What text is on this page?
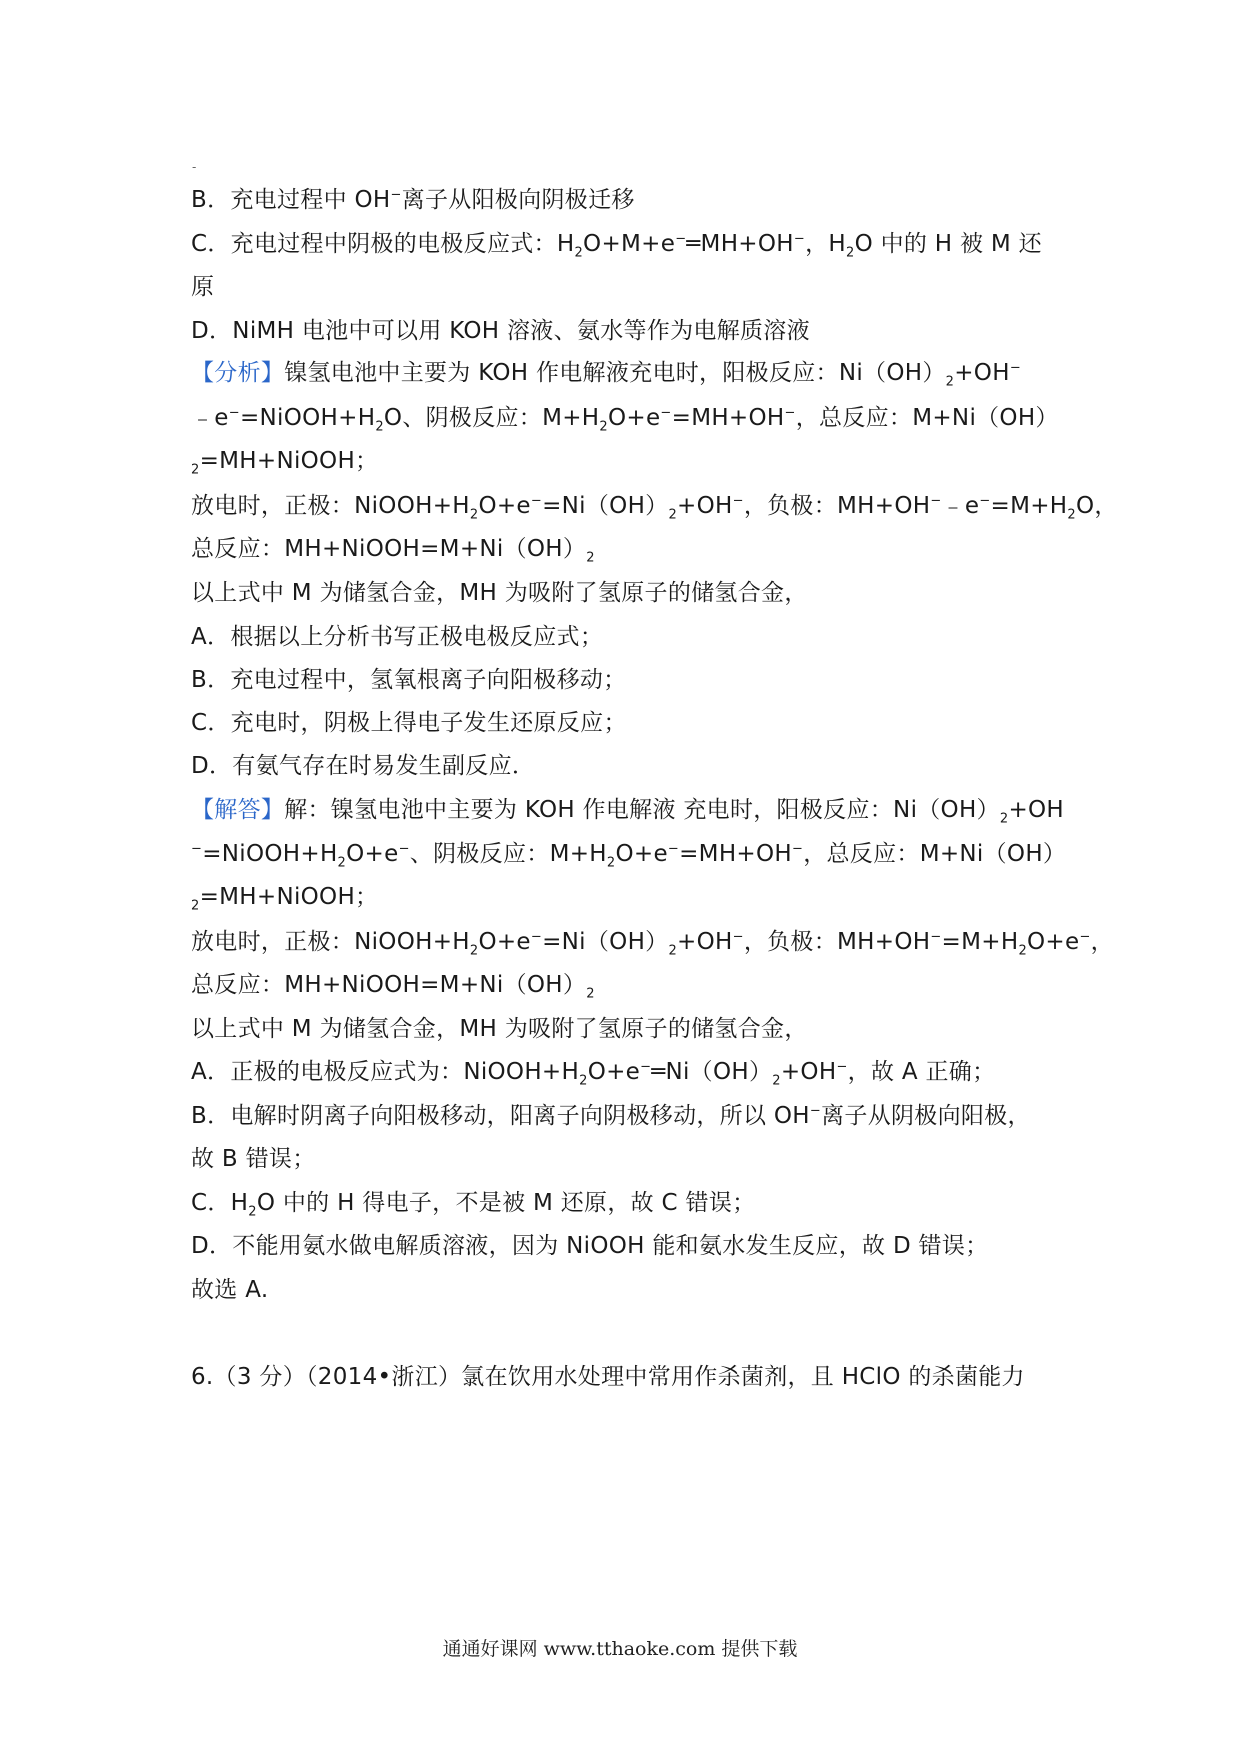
-
B．充电过程中 OH−离子从阳极向阴极迁移
C．充电过程中阴极的电极反应式：$H_2O+M+e^-═MH+OH^-$，$H_2O$ 中的 H 被 M 还
原
D．NiMH 电池中可以用 KOH 溶液、氨水等作为电解质溶液
【分析】镍氢电池中主要为 KOH 作电解液充电时，阳极反应：$Ni(OH)_2+OH^-$
$﹣e^-=NiOOH+H_2O$、阴极反应：$M+H_2O+e^-=MH+OH^-$，总反应：M+Ni（OH）
$_2$=MH+NiOOH；
放电时，正极：$NiOOH+H_2O+e^-=Ni(OH)_2+OH^-$，负极：$MH+OH^-﹣e^-=M+H_2O$，
总反应：$MH+NiOOH=M+Ni(OH)_2$
以上式中 M 为储氢合金，MH 为吸附了氢原子的储氢合金，
A．根据以上分析书写正极电极反应式；
B．充电过程中，氢氧根离子向阳极移动；
C．充电时，阴极上得电子发生还原反应；
D．有氨气存在时易发生副反应．
【解答】解：镍氢电池中主要为 KOH 作电解液 充电时，阳极反应：$Ni(OH)_2+OH$
$^-=NiOOH+H_2O+e^-$、阴极反应：$M+H_2O+e^-=MH+OH^-$，总反应：M+Ni（OH）
$_2$=MH+NiOOH；
放电时，正极：$NiOOH+H_2O+e^-=Ni(OH)_2+OH^-$，负极：$MH+OH^-=M+H_2O+e^-$，
总反应：$MH+NiOOH=M+Ni(OH)_2$
以上式中 M 为储氢合金，MH 为吸附了氢原子的储氢合金，
A．正极的电极反应式为：$NiOOH+H_2O+e^-═Ni(OH)_2+OH^-$，故 A 正确；
B．电解时阴离子向阳极移动，阳离子向阴极移动，所以 OH−离子从阴极向阳极，
故 B 错误；
C．$H_2O$ 中的 H 得电子，不是被 M 还原，故 C 错误；
D．不能用氨水做电解质溶液，因为 NiOOH 能和氨水发生反应，故 D 错误；
故选 A.
6.（3 分）（2014•浙江）氯在饮用水处理中常用作杀菌剂，且 HClO 的杀菌能力
通通好课网 www.tthaoke.com 提供下载
